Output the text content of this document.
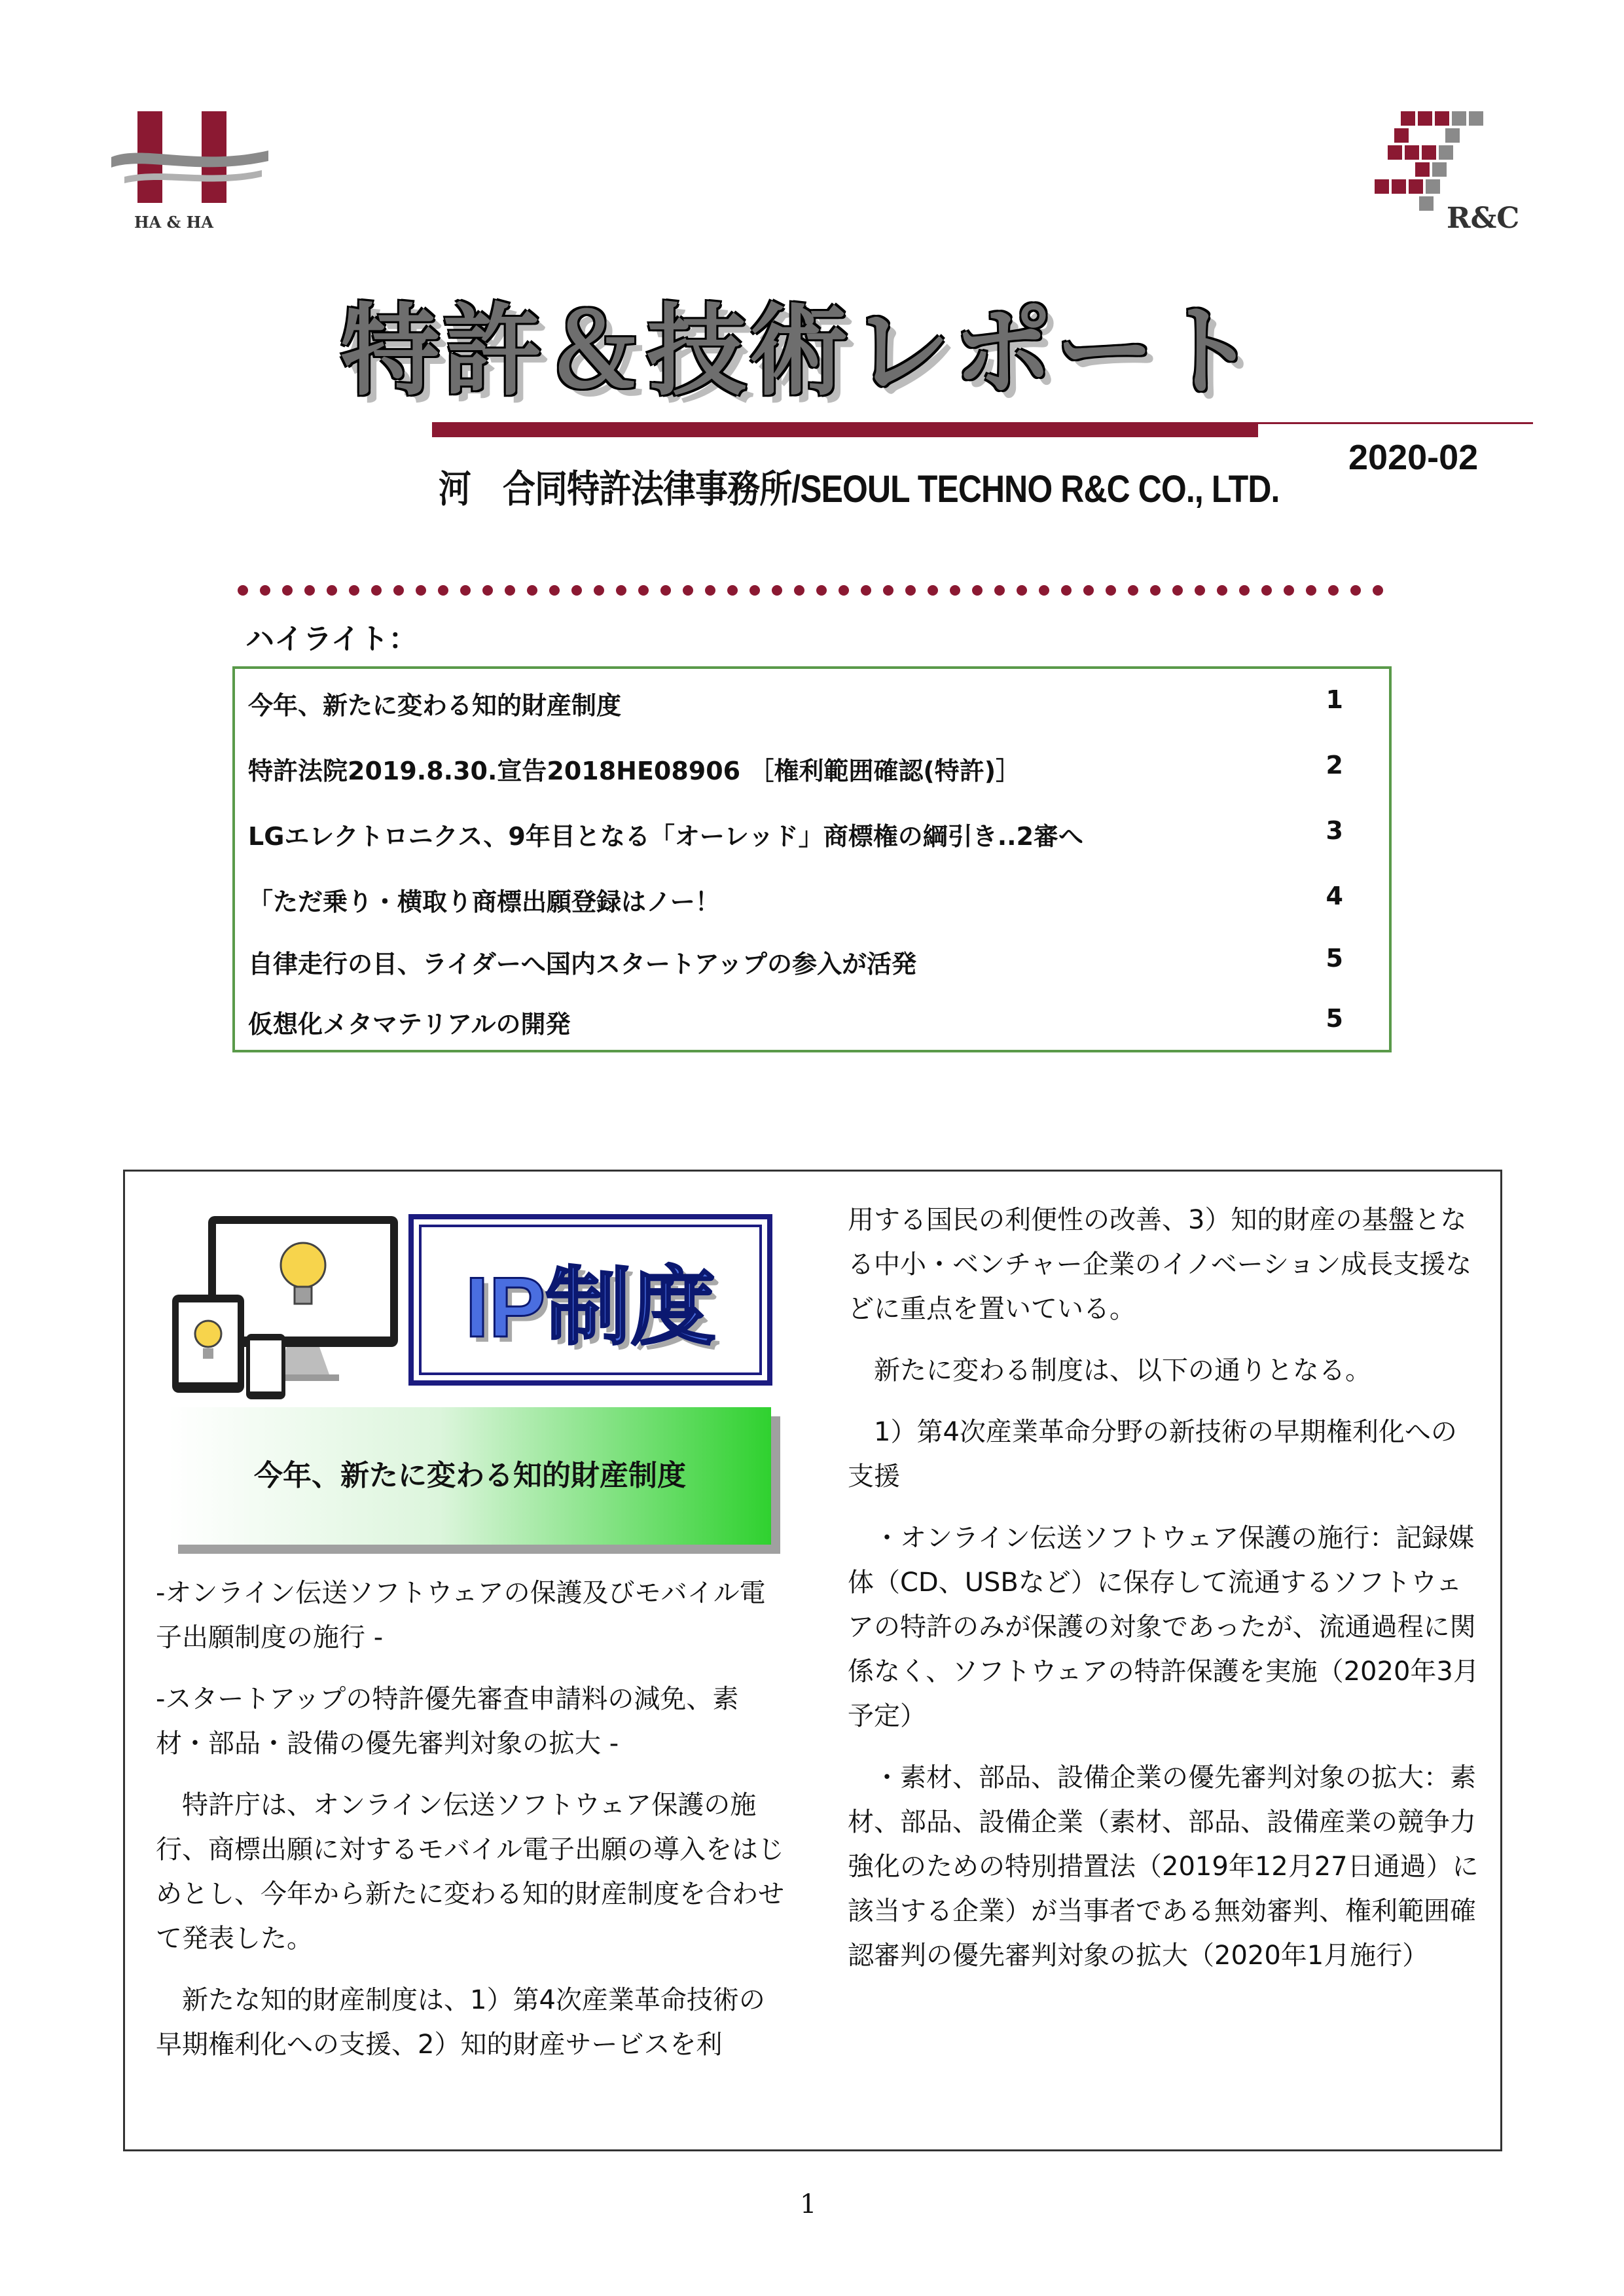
HA & HA	R&C
特許＆技術レポート
2020-02
河　合同特許法律事務所/SEOUL TECHNO R&C CO., LTD.
ハイライト：
今年、新たに変わる知的財産制度	1
特許法院2019.8.30.宣告2018HE08906 ［権利範囲確認(特許)］	2
LGエレクトロニクス、9年目となる「オーレッド」商標権の綱引き..2審へ	3
「ただ乗り・横取り商標出願登録はノー！	4
自律走行の目、ライダーへ国内スタートアップの参入が活発	5
仮想化メタマテリアルの開発	5
IP制度
今年、新たに変わる知的財産制度

-オンライン伝送ソフトウェアの保護及びモバイル電子出願制度の施行 -

-スタートアップの特許優先審査申請料の減免、素材・部品・設備の優先審判対象の拡大 -

特許庁は、オンライン伝送ソフトウェア保護の施行、商標出願に対するモバイル電子出願の導入をはじめとし、今年から新たに変わる知的財産制度を合わせて発表した。

新たな知的財産制度は、1）第4次産業革命技術の早期権利化への支援、2）知的財産サービスを利

用する国民の利便性の改善、3）知的財産の基盤となる中小・ベンチャー企業のイノベーション成長支援などに重点を置いている。

新たに変わる制度は、以下の通りとなる。

1）第4次産業革命分野の新技術の早期権利化への支援

・オンライン伝送ソフトウェア保護の施行：記録媒体（CD、USBなど）に保存して流通するソフトウェアの特許のみが保護の対象であったが、流通過程に関係なく、ソフトウェアの特許保護を実施（2020年3月予定）

・素材、部品、設備企業の優先審判対象の拡大：素材、部品、設備企業（素材、部品、設備産業の競争力強化のための特別措置法（2019年12月27日通過）に該当する企業）が当事者である無効審判、権利範囲確認審判の優先審判対象の拡大（2020年1月施行）

1
